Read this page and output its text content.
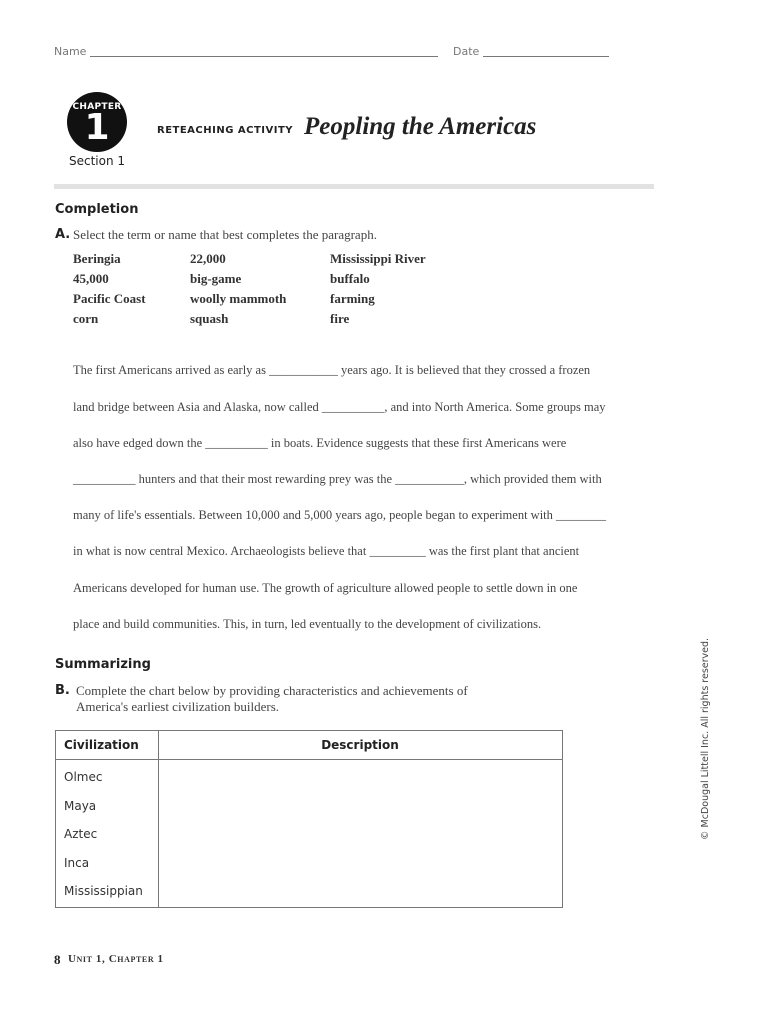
Name	Date
CHAPTER
1
Section 1
RETEACHING ACTIVITY Peopling the Americas
Completion
A. Select the term or name that best completes the paragraph.
Beringia	22,000	Mississippi River
45,000	big-game	buffalo
Pacific Coast	woolly mammoth	farming
corn	squash	fire
The first Americans arrived as early as ___________ years ago. It is believed that they crossed a frozen
land bridge between Asia and Alaska, now called __________, and into North America. Some groups may
also have edged down the __________ in boats. Evidence suggests that these first Americans were
__________ hunters and that their most rewarding prey was the ___________, which provided them with
many of life's essentials. Between 10,000 and 5,000 years ago, people began to experiment with ________
in what is now central Mexico. Archaeologists believe that _________ was the first plant that ancient
Americans developed for human use. The growth of agriculture allowed people to settle down in one
place and build communities. This, in turn, led eventually to the development of civilizations.
Summarizing
B. Complete the chart below by providing characteristics and achievements of
America's earliest civilization builders.
Civilization	Description
Olmec
Maya
Aztec
Inca
Mississippian
8 Unit 1, Chapter 1
© McDougal Littell Inc. All rights reserved.
